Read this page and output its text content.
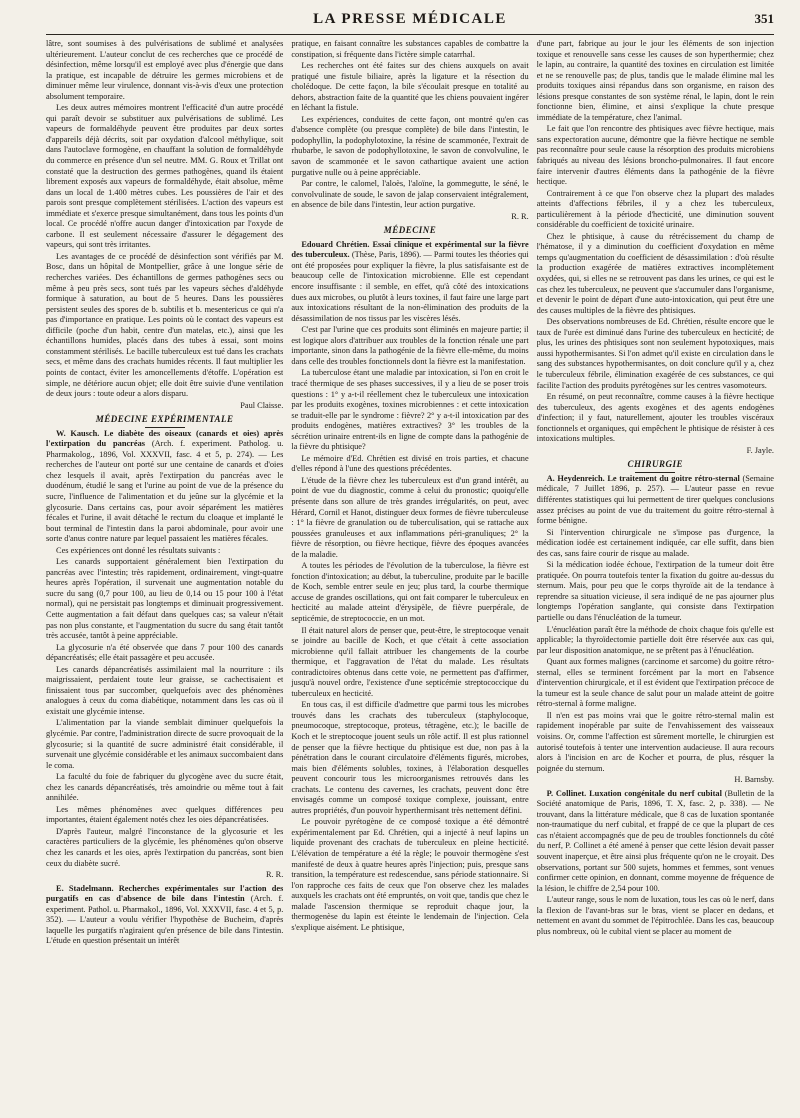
LA PRESSE MÉDICALE	351

lâtre, sont soumises à des pulvérisations de sublimé et analysées ultérieurement. L'auteur conclut de ces recherches que ce procédé de désinfection, même lorsqu'il est employé avec plus d'énergie que dans la pratique, est incapable de détruire les germes microbiens et de diminuer même leur virulence, donnant vis-à-vis d'eux une protection absolument temporaire.

Les deux autres mémoires montrent l'efficacité d'un autre procédé qui paraît devoir se substituer aux pulvérisations de sublimé. Les vapeurs de formaldéhyde peuvent être produites par deux sortes d'appareils déjà décrits, soit par oxydation d'alcool méthylique, soit dans l'autoclave formogène, en chauffant la solution de formaldéhyde du commerce en présence d'un sel neutre. MM. G. Roux et Trillat ont constaté que la destruction des germes pathogènes, quand ils étaient librement exposés aux vapeurs de formaldéhyde, était absolue, même dans un local de 1.400 mètres cubes. Les poussières de l'air et des parois sont presque complètement stérilisées. L'action des vapeurs est immédiate et s'exerce presque simultanément, dans tous les points d'un local. Ce procédé n'offre aucun danger d'intoxication par l'oxyde de carbone. Il est seulement nécessaire d'assurer le dégagement des vapeurs, qui sont très irritantes.

Les avantages de ce procédé de désinfection sont vérifiés par M. Bosc, dans un hôpital de Montpellier, grâce à une longue série de recherches variées. Des échantillons de germes pathogènes secs ou même à peu près secs, sont tués par les vapeurs sèches d'aldéhyde formique à saturation, au bout de 5 heures. Dans les poussières persistent seules des spores de b. subtilis et b. mesentericus ce qui n'a pas d'importance en pratique. Les points où le contact des vapeurs est difficile (poche d'un habit, centre d'un matelas, etc.), ainsi que les échantillons humides, placés dans des tubes à essai, sont moins constamment stérilisés. Le bacille tuberculeux est tué dans les crachats secs, et même dans des crachats humides récents. Il faut multiplier les points de contact, éviter les amoncellements d'étoffe. L'opération est simple, ne détériore aucun objet; elle doit être suivie d'une ventilation de deux jours : toute odeur a alors disparu.

Paul Claisse.

MÉDECINE EXPÉRIMENTALE

W. Kausch. Le diabète des oiseaux (canards et oies) après l'extirpation du pancréas (Arch. f. experiment. Patholog. u. Pharmakolog., 1896, Vol. XXXVII, fasc. 4 et 5, p. 274). — Les recherches de l'auteur ont porté sur une centaine de canards et d'oies chez lesquels il avait, après l'extirpation du pancréas avec le duodénum, étudié le sang et l'urine au point de vue de la présence du sucre, l'influence de l'alimentation et du jeûne sur la glycémie et la glycosurie. Dans certains cas, pour avoir séparément les matières fécales et l'urine, il avait détaché le rectum du cloaque et implanté le bout terminal de l'intestin dans la paroi abdominale, pour avoir une sorte d'anus contre nature par lequel passaient les matières fécales.

Ces expériences ont donné les résultats suivants :

Les canards supportaient généralement bien l'extirpation du pancréas avec l'intestin; très rapidement, ordinairement, vingt-quatre heures après l'opération, il survenait une augmentation notable du sucre du sang (0,7 pour 100, au lieu de 0,14 ou 15 pour 100 à l'état normal), qui ne persistait pas longtemps et diminuait progressivement. Cette augmentation a fait défaut dans quelques cas; sa valeur n'était pas non plus constante, et l'augmentation du sucre du sang était tantôt très accusée, tantôt à peine appréciable.

La glycosurie n'a été observée que dans 7 pour 100 des canards dépancréatisés; elle était passagère et peu accusée.

Les canards dépancréatisés assimilaient mal la nourriture : ils maigrissaient, perdaient toute leur graisse, se cachectisaient et finissaient tous par succomber, quelquefois avec des phénomènes analogues à ceux du coma diabétique, notamment dans les cas où il existait une glycémie intense.

L'alimentation par la viande semblait diminuer quelquefois la glycémie. Par contre, l'administration directe de sucre provoquait de la glycosurie; si la quantité de sucre administré était considérable, il survenait une glycémie considérable et les animaux succombaient dans le coma.

La faculté du foie de fabriquer du glycogène avec du sucre était, chez les canards dépancréatisés, très amoindrie ou même tout à fait annihilée.

Les mêmes phénomènes avec quelques différences peu importantes, étaient également notés chez les oies dépancréatisées.

D'après l'auteur, malgré l'inconstance de la glycosurie et les caractères particuliers de la glycémie, les phénomènes qu'on observe chez les canards et les oies, après l'extirpation du pancréas, sont bien ceux du diabète sucré.

R. R.

E. Stadelmann. Recherches expérimentales sur l'action des purgatifs en cas d'absence de bile dans l'intestin (Arch. f. experiment. Pathol. u. Pharmakol., 1896, Vol. XXXVII, fasc. 4 et 5, p. 352). — L'auteur a voulu vérifier l'hypothèse de Bucheim, d'après laquelle les purgatifs n'agiraient qu'en présence de bile dans l'intestin. L'étude en question présentait un intérêt

pratique, en faisant connaître les substances capables de combattre la constipation, si fréquente dans l'ictère simple catarrhal.

Les recherches ont été faites sur des chiens auxquels on avait pratiqué une fistule biliaire, après la ligature et la résection du cholédoque. De cette façon, la bile s'écoulait presque en totalité au dehors, abstraction faite de la quantité que les chiens pouvaient ingérer en léchant la fistule.

Les expériences, conduites de cette façon, ont montré qu'en cas d'absence complète (ou presque complète) de bile dans l'intestin, le podophyllin, la podophylotoxine, la résine de scammonée, l'extrait de rhubarbe, le savon de podophyllotoxine, le savon de convolvuline, le savon de scammonée et le savon cathartique avaient une action purgative nulle ou à peine appréciable.

Par contre, le calomel, l'aloès, l'aloïne, la gommegutte, le séné, le convolvulinate de soude, le savon de jalap conservaient intégralement, en absence de bile dans l'intestin, leur action purgative.

R. R.

MÉDECINE

Edouard Chrétien. Essai clinique et expérimental sur la fièvre des tuberculeux. (Thèse, Paris, 1896). — Parmi toutes les théories qui ont été proposées pour expliquer la fièvre, la plus satisfaisante est de beaucoup celle de l'intoxication microbienne. Elle est cependant encore insuffisante : il semble, en effet, qu'à côté des intoxications dues aux microbes, ou plutôt à leurs toxines, il faut faire une large part aux intoxications résultant de la non-élimination des produits de la désassimilation de nos tissus par les viscères lésés.

C'est par l'urine que ces produits sont éliminés en majeure partie; il est logique alors d'attribuer aux troubles de la fonction rénale une part importante, sinon dans la pathogénie de la fièvre elle-même, du moins dans celle des troubles fonctionnels dont la fièvre est la manifestation.

La tuberculose étant une maladie par intoxication, si l'on en croit le tracé thermique de ses phases successives, il y a lieu de se poser trois questions : 1° y a-t-il réellement chez le tuberculeux une intoxication par les produits exogènes, toxines microbiennes : et cette intoxication se traduit-elle par le syndrome : fièvre? 2° y a-t-il intoxication par des produits endogènes, matières extractives? 3° les troubles de la sécrétion urinaire entrent-ils en ligne de compte dans la pathogénie de la fièvre du phtisique?

Le mémoire d'Ed. Chrétien est divisé en trois parties, et chacune d'elles répond à l'une des questions précédentes.

L'étude de la fièvre chez les tuberculeux est d'un grand intérêt, au point de vue du diagnostic, comme à celui du pronostic; quoiqu'elle présente dans son allure de très grandes irrégularités, on peut, avec Hérard, Cornil et Hanot, distinguer deux formes de fièvre tuberculeuse : 1° la fièvre de granulation ou de tuberculisation, qui se rattache aux poussées granuleuses et aux inflammations péri-granuliques; 2° la fièvre de résorption, ou fièvre hectique, fièvre des époques avancées de la maladie.

A toutes les périodes de l'évolution de la tuberculose, la fièvre est fonction d'intoxication; au début, la tuberculine, produite par le bacille de Koch, semble entrer seule en jeu; plus tard, la courbe thermique accuse de grandes oscillations, qui ont fait comparer le tuberculeux en hecticité au malade atteint d'érysipèle, de fièvre puerpérale, de septicémie, de streptococcie, en un mot.

Il était naturel alors de penser que, peut-être, le streptocoque venait se joindre au bacille de Koch, et que c'était à cette association microbienne qu'il fallait attribuer les changements de la courbe thermique, et l'aggravation de l'état du malade. Les résultats contradictoires obtenus dans cette voie, ne permettent pas d'affirmer, jusqu'à nouvel ordre, l'existence d'une septicémie streptococcique du tuberculeux en hecticité.

En tous cas, il est difficile d'admettre que parmi tous les microbes trouvés dans les crachats des tuberculeux (staphylocoque, pneumocoque, streptocoque, proteus, tétragène, etc.); le bacille de Koch et le streptocoque jouent seuls un rôle actif. Il est plus rationnel de penser que la fièvre hectique du phtisique est due, non pas à la pénétration dans le courant circulatoire d'éléments figurés, microbes, mais bien d'éléments solubles, toxines, à l'élaboration desquelles peuvent concourir tous les microorganismes retrouvés dans les crachats. Le contenu des cavernes, les crachats, peuvent donc être envisagés comme un composé toxique complexe, jouissant, entre autres propriétés, d'un pouvoir hyperthermisant très nettement défini.

Le pouvoir pyrétogène de ce composé toxique a été démontré expérimentalement par Ed. Chrétien, qui a injecté à neuf lapins un liquide provenant des crachats de tuberculeux en pleine hecticité. L'élévation de température a été la règle; le pouvoir thermogène s'est manifesté de deux à quatre heures après l'injection; puis, presque sans transition, la température est redescendue, sans période stationnaire. Si l'on rapproche ces faits de ceux que l'on observe chez les malades auxquels les crachats ont été empruntés, on voit que, tandis que chez le malade l'ascension thermique se reproduit chaque jour, la thermogenèse du lapin est éteinte le lendemain de l'injection. Cela s'explique aisément. Le phtisique,

d'une part, fabrique au jour le jour les éléments de son injection toxique et renouvelle sans cesse les causes de son hyperthermie; chez le lapin, au contraire, la quantité des toxines en circulation est limitée et ne se renouvelle pas; de plus, tandis que le malade élimine mal les produits toxiques ainsi répandus dans son organisme, en raison des lésions presque constantes de son système rénal, le lapin, dont le rein fonctionne bien, élimine, et ainsi s'explique la chute presque immédiate de la température, chez l'animal.

Le fait que l'on rencontre des phtisiques avec fièvre hectique, mais sans expectoration aucune, démontre que la fièvre hectique ne semble pas reconnaître pour seule cause la résorption des produits microbiens fabriqués au niveau des lésions broncho-pulmonaires. Il faut encore faire intervenir d'autres éléments dans la pathogénie de la fièvre hectique.

Contrairement à ce que l'on observe chez la plupart des malades atteints d'affections fébriles, il y a chez les tuberculeux, particulièrement à la période d'hecticité, une diminution souvent considérable du coefficient de toxicité urinaire.

Chez le phtisique, à cause du rétrécissement du champ de l'hématose, il y a diminution du coefficient d'oxydation en même temps qu'augmentation du coefficient de désassimilation : d'où résulte la production exagérée de matières extractives incomplètement oxydées, qui, si elles ne se retrouvent pas dans les urines, ce qui est le cas chez les tuberculeux, ne peuvent que s'accumuler dans l'organisme, et devenir le point de départ d'une auto-intoxication, qui peut être une des causes multiples de la fièvre des phtisiques.

Des observations nombreuses de Ed. Chrétien, résulte encore que le taux de l'urée est diminué dans l'urine des tuberculeux en hecticité; de plus, les urines des phtisiques sont non seulement hypotoxiques, mais aussi hypothermisantes. Si l'on admet qu'il existe en circulation dans le sang des substances hypothermisantes, on doit conclure qu'il y a, chez le tuberculeux fébrile, élimination exagérée de ces substances, ce qui facilite l'action des produits pyrétogènes sur les centres vasomoteurs.

En résumé, on peut reconnaître, comme causes à la fièvre hectique des tuberculeux, des agents exogènes et des agents endogènes d'infection; il y faut, naturellement, ajouter les troubles viscéraux fonctionnels et organiques, qui empêchent le phtisique de résister à ces intoxications multiples.

F. Jayle.

CHIRURGIE

A. Heydenreich. Le traitement du goitre rétro-sternal (Semaine médicale, 7 Juillet 1896, p. 257). — L'auteur passe en revue différentes statistiques qui lui permettent de tirer quelques conclusions assez précises au point de vue du traitement du goitre rétro-sternal à forme bénigne.

Si l'intervention chirurgicale ne s'impose pas d'urgence, la médication iodée est certainement indiquée, car elle suffit, dans bien des cas, sans faire courir de risque au malade.

Si la médication iodée échoue, l'extirpation de la tumeur doit être pratiquée. On pourra toutefois tenter la fixation du goitre au-dessus du sternum. Mais, pour peu que le corps thyroïde ait de la tendance à reprendre sa situation vicieuse, il sera indiqué de ne pas ajourner plus longtemps l'opération sanglante, qui consiste dans l'extirpation partielle ou dans l'énucléation de la tumeur.

L'énucléation paraît être la méthode de choix chaque fois qu'elle est applicable; la thyroïdectomie partielle doit être réservée aux cas qui, par leur disposition anatomique, ne se prêtent pas à l'énucléation.

Quant aux formes malignes (carcinome et sarcome) du goitre rétro-sternal, elles se terminent forcément par la mort en l'absence d'intervention chirurgicale, et il est évident que l'extirpation précoce de la tumeur est la seule chance de salut pour un malade atteint de goitre rétro-sternal à forme maligne.

Il n'en est pas moins vrai que le goitre rétro-sternal malin est rapidement inopérable par suite de l'envahissement des vaisseaux voisins. Or, comme l'affection est sûrement mortelle, le chirurgien est autorisé toutefois à tenter une intervention audacieuse. Il aura recours alors à l'incision en arc de Kocher et pourra, de plus, résquer la poignée du sternum.

H. Barnsby.

P. Collinet. Luxation congénitale du nerf cubital (Bulletin de la Société anatomique de Paris, 1896, T. X, fasc. 2, p. 338). — Ne trouvant, dans la littérature médicale, que 8 cas de luxation spontanée non-traumatique du nerf cubital, et frappé de ce que la plupart de ces cas n'étaient accompagnés que de peu de troubles fonctionnels du côté du nerf, P. Collinet a été amené à penser que cette lésion devait passer souvent inaperçue, et être ainsi plus fréquente qu'on ne le croyait. Des observations, portant sur 500 sujets, hommes et femmes, sont venues confirmer cette opinion, en donnant, comme moyenne de fréquence de la lésion, le chiffre de 2,54 pour 100.

L'auteur range, sous le nom de luxation, tous les cas où le nerf, dans la flexion de l'avant-bras sur le bras, vient se placer en dedans, et nettement en avant du sommet de l'épitrochlée. Dans les cas, beaucoup plus nombreux, où le cubital vient se placer au moment de
